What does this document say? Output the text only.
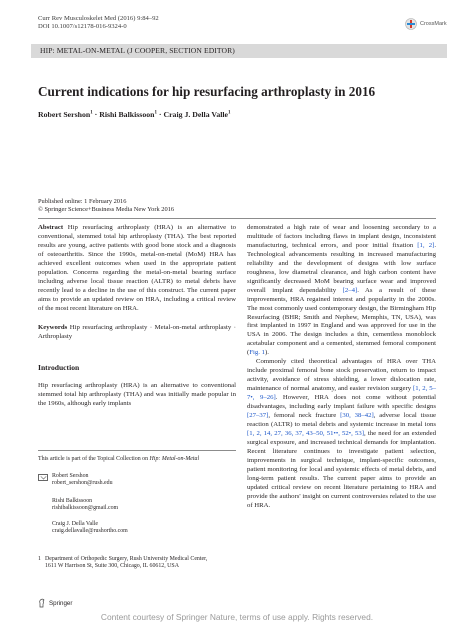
Curr Rev Musculoskelet Med (2016) 9:84–92
DOI 10.1007/s12178-016-9324-0	CrossMark
HIP: METAL-ON-METAL (J COOPER, SECTION EDITOR)
Current indications for hip resurfacing arthroplasty in 2016
Robert Sershon$^1$ · Rishi Balkissoon$^1$ · Craig J. Della Valle$^1$
Published online: 1 February 2016
© Springer Science+Business Media New York 2016

Abstract Hip resurfacing arthroplasty (HRA) is an alternative to conventional, stemmed total hip arthroplasty (THA). The best reported results are young, active patients with good bone stock and a diagnosis of osteoarthritis. Since the 1990s, metal-on-metal (MoM) HRA has achieved excellent outcomes when used in the appropriate patient population. Concerns regarding the metal-on-metal bearing surface including adverse local tissue reaction (ALTR) to metal debris have recently lead to a decline in the use of this construct. The current paper aims to provide an updated review on HRA, including a critical review of the most recent literature on HRA.

Keywords Hip resurfacing arthroplasty · Metal-on-metal arthroplasty · Arthroplasty

Introduction

Hip resurfacing arthroplasty (HRA) is an alternative to conventional stemmed total hip arthroplasty (THA) and was initially made popular in the 1960s, although early implants

This article is part of the Topical Collection on Hip: Metal-on-Metal
Robert Sershon
robert_sershon@rush.edu
Rishi Balkissoon
rishibalkissoon@gmail.com
Craig J. Della Valle
craig.dellavalle@rushortho.com
1 Department of Orthopedic Surgery, Rush University Medical Center,
1611 W Harrison St, Suite 300, Chicago, IL 60612, USA

demonstrated a high rate of wear and loosening secondary to a multitude of factors including flaws in implant design, inconsistent manufacturing, technical errors, and poor initial fixation [1, 2]. Technological advancements resulting in increased manufacturing reliability and the development of designs with low surface roughness, low diametral clearance, and high carbon content have significantly decreased MoM bearing surface wear and improved overall implant dependability [2–4]. As a result of these improvements, HRA regained interest and popularity in the 2000s. The most commonly used contemporary design, the Birmingham Hip Resurfacing (BHR; Smith and Nephew, Memphis, TN, USA), was first implanted in 1997 in England and was approved for use in the USA in 2006. The design includes a thin, cementless monoblock acetabular component and a cemented, stemmed femoral component (Fig. 1).

Commonly cited theoretical advantages of HRA over THA include proximal femoral bone stock preservation, return to impact activity, avoidance of stress shielding, a lower dislocation rate, maintenance of normal anatomy, and easier revision surgery [1, 2, 5–7•, 9–26]. However, HRA does not come without potential disadvantages, including early implant failure with specific designs [27–37], femoral neck fracture [30, 38–42], adverse local tissue reaction (ALTR) to metal debris and systemic increase in metal ions [1, 2, 14, 27, 36, 37, 43–50, 51••, 52•, 53], the need for an extended surgical exposure, and increased technical demands for implantation. Recent literature continues to investigate patient selection, improvements in surgical technique, implant-specific outcomes, patient monitoring for local and systemic effects of metal debris, and long-term patient results. The current paper aims to provide an updated critical review on recent literature pertaining to HRA and provide the authors' insight on current controversies related to the use of HRA.

Springer
Content courtesy of Springer Nature, terms of use apply. Rights reserved.
